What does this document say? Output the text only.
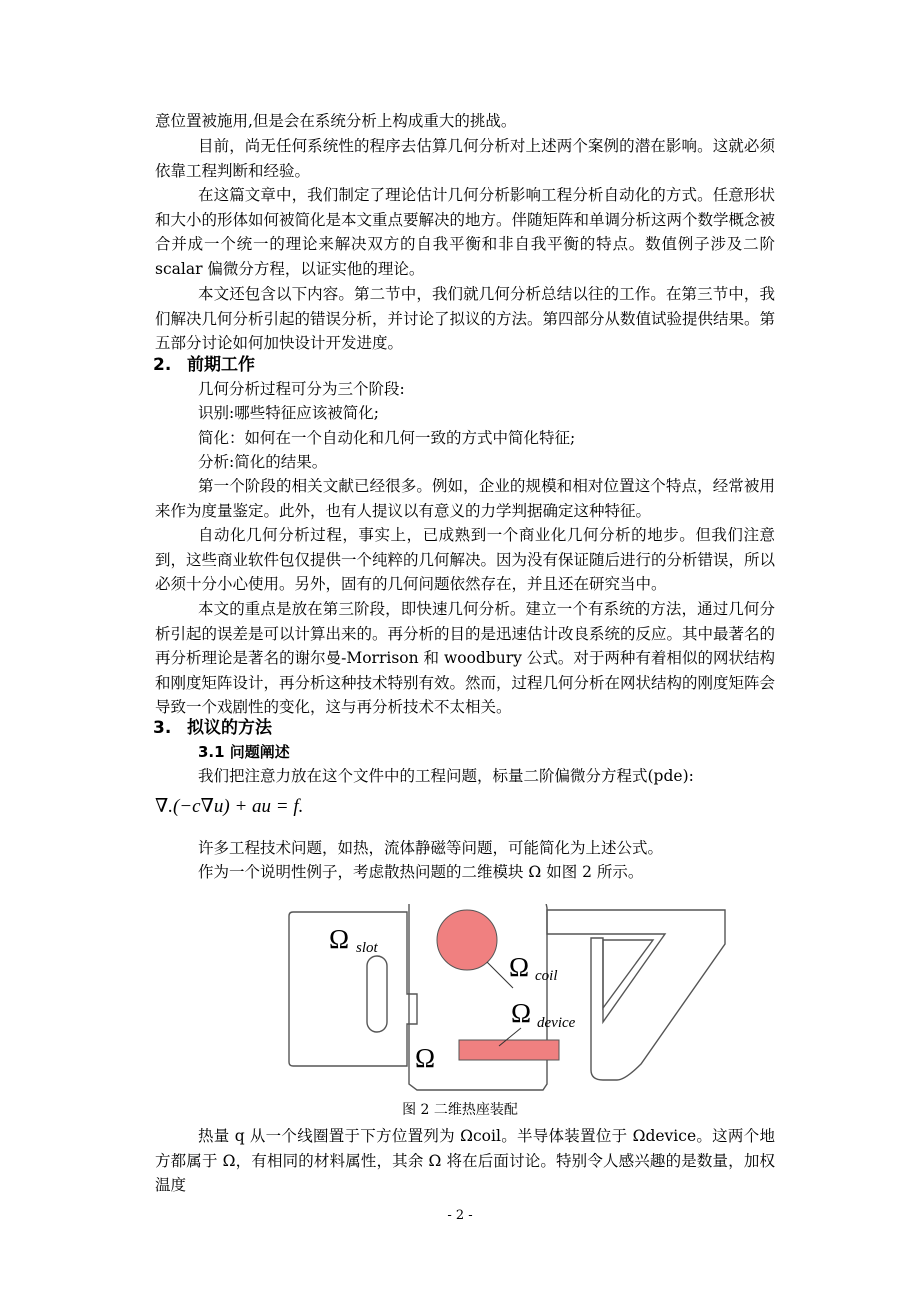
意位置被施用,但是会在系统分析上构成重大的挑战。

目前，尚无任何系统性的程序去估算几何分析对上述两个案例的潜在影响。这就必须依靠工程判断和经验。

在这篇文章中，我们制定了理论估计几何分析影响工程分析自动化的方式。任意形状和大小的形体如何被简化是本文重点要解决的地方。伴随矩阵和单调分析这两个数学概念被合并成一个统一的理论来解决双方的自我平衡和非自我平衡的特点。数值例子涉及二阶 scalar 偏微分方程，以证实他的理论。

本文还包含以下内容。第二节中，我们就几何分析总结以往的工作。在第三节中，我们解决几何分析引起的错误分析，并讨论了拟议的方法。第四部分从数值试验提供结果。第五部分讨论如何加快设计开发进度。

2. 前期工作

几何分析过程可分为三个阶段:

识别:哪些特征应该被简化;

简化：如何在一个自动化和几何一致的方式中简化特征;

分析:简化的结果。

第一个阶段的相关文献已经很多。例如，企业的规模和相对位置这个特点，经常被用来作为度量鉴定。此外，也有人提议以有意义的力学判据确定这种特征。

自动化几何分析过程，事实上，已成熟到一个商业化几何分析的地步。但我们注意到，这些商业软件包仅提供一个纯粹的几何解决。因为没有保证随后进行的分析错误，所以必须十分小心使用。另外，固有的几何问题依然存在，并且还在研究当中。

本文的重点是放在第三阶段，即快速几何分析。建立一个有系统的方法，通过几何分析引起的误差是可以计算出来的。再分析的目的是迅速估计改良系统的反应。其中最著名的再分析理论是著名的谢尔曼-Morrison 和 woodbury 公式。对于两种有着相似的网状结构和刚度矩阵设计，再分析这种技术特别有效。然而，过程几何分析在网状结构的刚度矩阵会导致一个戏剧性的变化，这与再分析技术不太相关。

3. 拟议的方法
3.1 问题阐述

我们把注意力放在这个文件中的工程问题，标量二阶偏微分方程式(pde):

∇.(−c∇u) + au = f.

许多工程技术问题，如热，流体静磁等问题，可能简化为上述公式。

作为一个说明性例子，考虑散热问题的二维模块 Ω 如图 2 所示。

Ω slot
Ω coil
Ω device
Ω

图 2 二维热座装配

热量 q 从一个线圈置于下方位置列为 Ωcoil。半导体装置位于 Ωdevice。这两个地方都属于 Ω，有相同的材料属性，其余 Ω 将在后面讨论。特别令人感兴趣的是数量，加权温度

- 2 -
